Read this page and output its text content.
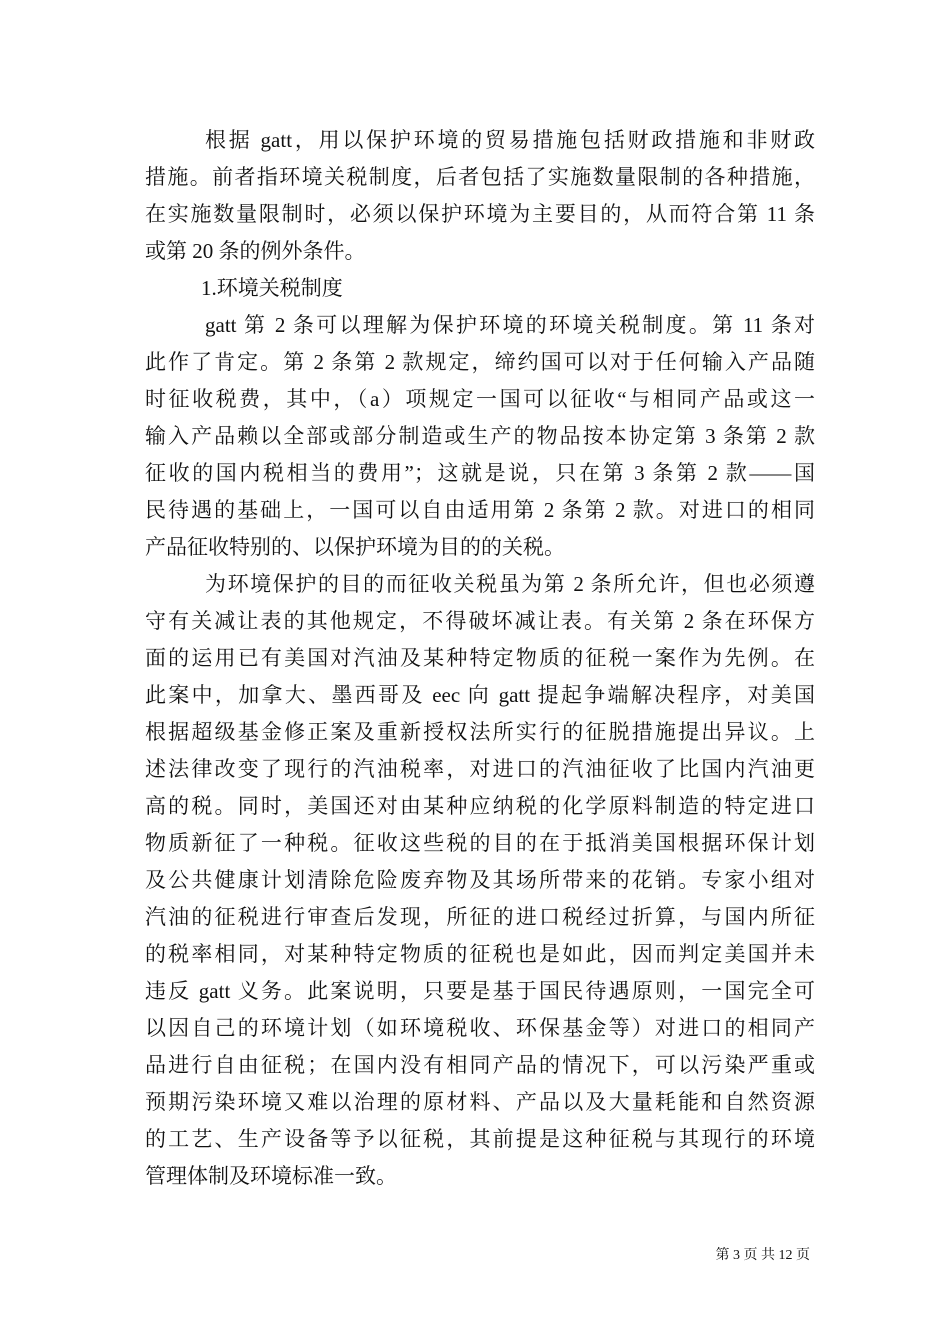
根据 gatt，用以保护环境的贸易措施包括财政措施和非财政
措施。前者指环境关税制度，后者包括了实施数量限制的各种措施，
在实施数量限制时，必须以保护环境为主要目的，从而符合第 11 条
或第 20 条的例外条件。
1.环境关税制度
gatt 第 2 条可以理解为保护环境的环境关税制度。第 11 条对
此作了肯定。第 2 条第 2 款规定，缔约国可以对于任何输入产品随
时征收税费，其中，（a）项规定一国可以征收“与相同产品或这一
输入产品赖以全部或部分制造或生产的物品按本协定第 3 条第 2 款
征收的国内税相当的费用”；这就是说，只在第 3 条第 2 款——国
民待遇的基础上，一国可以自由适用第 2 条第 2 款。对进口的相同
产品征收特别的、以保护环境为目的的关税。
为环境保护的目的而征收关税虽为第 2 条所允许，但也必须遵
守有关减让表的其他规定，不得破坏减让表。有关第 2 条在环保方
面的运用已有美国对汽油及某种特定物质的征税一案作为先例。在
此案中，加拿大、墨西哥及 eec 向 gatt 提起争端解决程序，对美国
根据超级基金修正案及重新授权法所实行的征脱措施提出异议。上
述法律改变了现行的汽油税率，对进口的汽油征收了比国内汽油更
高的税。同时，美国还对由某种应纳税的化学原料制造的特定进口
物质新征了一种税。征收这些税的目的在于抵消美国根据环保计划
及公共健康计划清除危险废弃物及其场所带来的花销。专家小组对
汽油的征税进行审查后发现，所征的进口税经过折算，与国内所征
的税率相同，对某种特定物质的征税也是如此，因而判定美国并未
违反 gatt 义务。此案说明，只要是基于国民待遇原则，一国完全可
以因自己的环境计划（如环境税收、环保基金等）对进口的相同产
品进行自由征税；在国内没有相同产品的情况下，可以污染严重或
预期污染环境又难以治理的原材料、产品以及大量耗能和自然资源
的工艺、生产设备等予以征税，其前提是这种征税与其现行的环境
管理体制及环境标准一致。
第 3 页 共 12 页
